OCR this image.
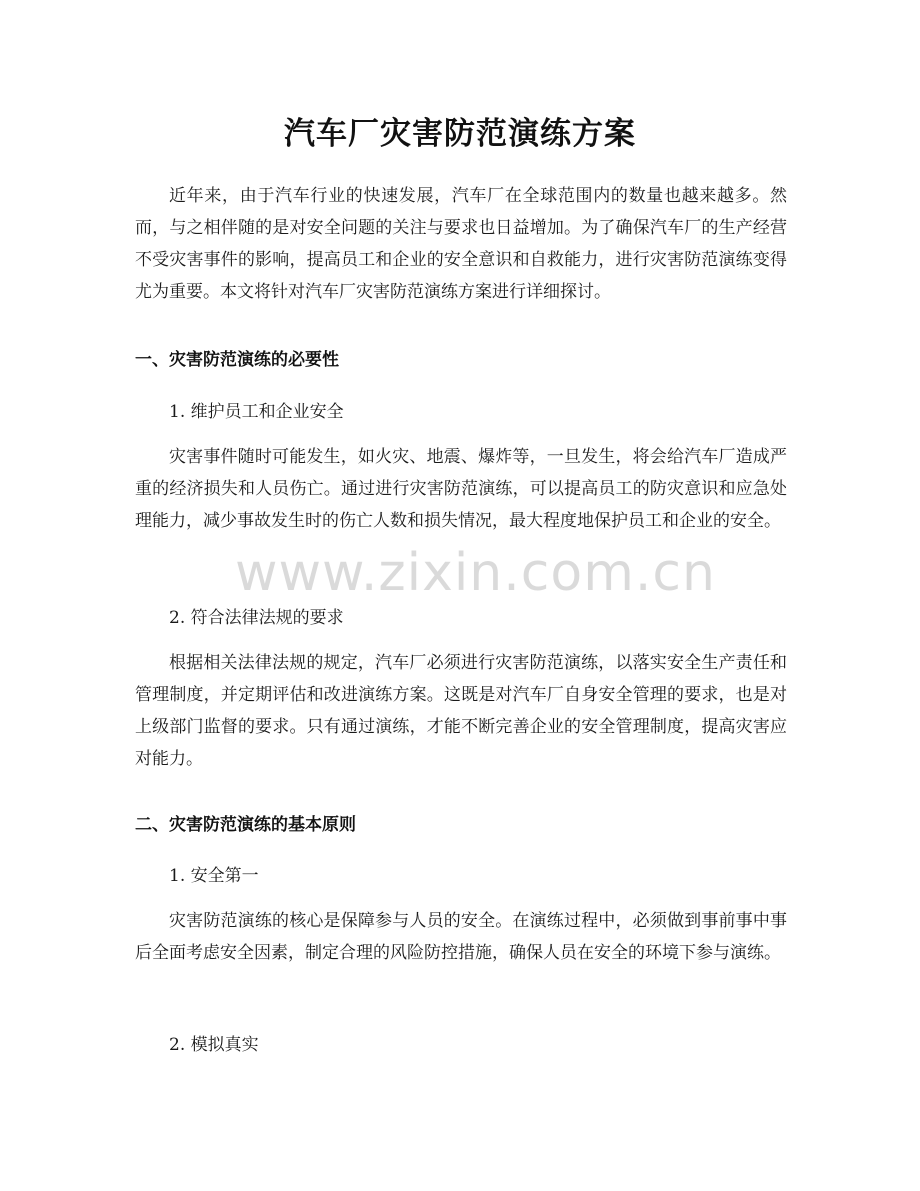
汽车厂灾害防范演练方案
近年来，由于汽车行业的快速发展，汽车厂在全球范围内的数量也越来越多。然而，与之相伴随的是对安全问题的关注与要求也日益增加。为了确保汽车厂的生产经营不受灾害事件的影响，提高员工和企业的安全意识和自救能力，进行灾害防范演练变得尤为重要。本文将针对汽车厂灾害防范演练方案进行详细探讨。
一、灾害防范演练的必要性
1. 维护员工和企业安全
灾害事件随时可能发生，如火灾、地震、爆炸等，一旦发生，将会给汽车厂造成严重的经济损失和人员伤亡。通过进行灾害防范演练，可以提高员工的防灾意识和应急处理能力，减少事故发生时的伤亡人数和损失情况，最大程度地保护员工和企业的安全。
2. 符合法律法规的要求
根据相关法律法规的规定，汽车厂必须进行灾害防范演练，以落实安全生产责任和管理制度，并定期评估和改进演练方案。这既是对汽车厂自身安全管理的要求，也是对上级部门监督的要求。只有通过演练，才能不断完善企业的安全管理制度，提高灾害应对能力。
二、灾害防范演练的基本原则
1. 安全第一
灾害防范演练的核心是保障参与人员的安全。在演练过程中，必须做到事前事中事后全面考虑安全因素，制定合理的风险防控措施，确保人员在安全的环境下参与演练。
2. 模拟真实
www.zixin.com.cn
